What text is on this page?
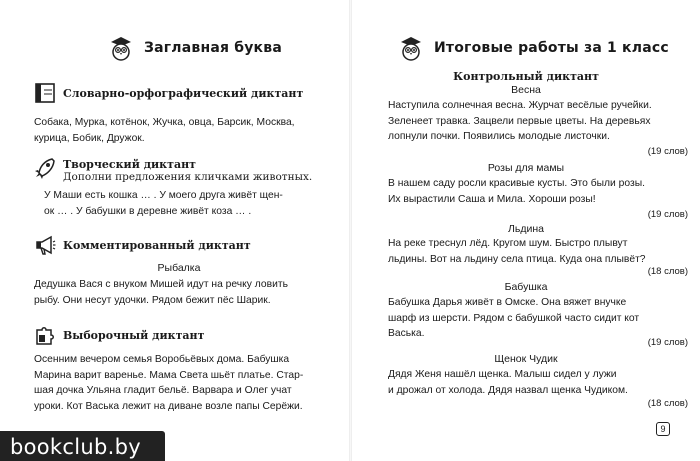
Заглавная буква
Словарно-орфографический диктант
Собака, Мурка, котёнок, Жучка, овца, Барсик, Москва,
курица, Бобик, Дружок.
Творческий диктант
Дополни предложения кличками животных.
У Маши есть кошка … . У моего друга живёт щен-
ок … . У бабушки в деревне живёт коза … .
Комментированный диктант
Рыбалка
Дедушка Вася с внуком Мишей идут на речку ловить
рыбу. Они несут удочки. Рядом бежит пёс Шарик.
Выборочный диктант
Осенним вечером семья Воробьёвых дома. Бабушка
Марина варит варенье. Мама Света шьёт платье. Стар-
шая дочка Ульяна гладит бельё. Варвара и Олег учат
уроки. Кот Васька лежит на диване возле папы Серёжи.
Итоговые работы за 1 класс
Контрольный диктант
Весна
Наступила солнечная весна. Журчат весёлые ручейки.
Зеленеет травка. Зацвели первые цветы. На деревьях
лопнули почки. Появились молодые листочки.
(19 слов)
Розы для мамы
В нашем саду росли красивые кусты. Это были розы.
Их вырастили Саша и Мила. Хороши розы!
(19 слов)
Льдина
На реке треснул лёд. Кругом шум. Быстро плывут
льдины. Вот на льдину села птица. Куда она плывёт?
(18 слов)
Бабушка
Бабушка Дарья живёт в Омске. Она вяжет внучке
шарф из шерсти. Рядом с бабушкой часто сидит кот
Васька.
(19 слов)
Щенок Чудик
Дядя Женя нашёл щенка. Малыш сидел у лужи
и дрожал от холода. Дядя назвал щенка Чудиком.
(18 слов)
9
bookclub.by
